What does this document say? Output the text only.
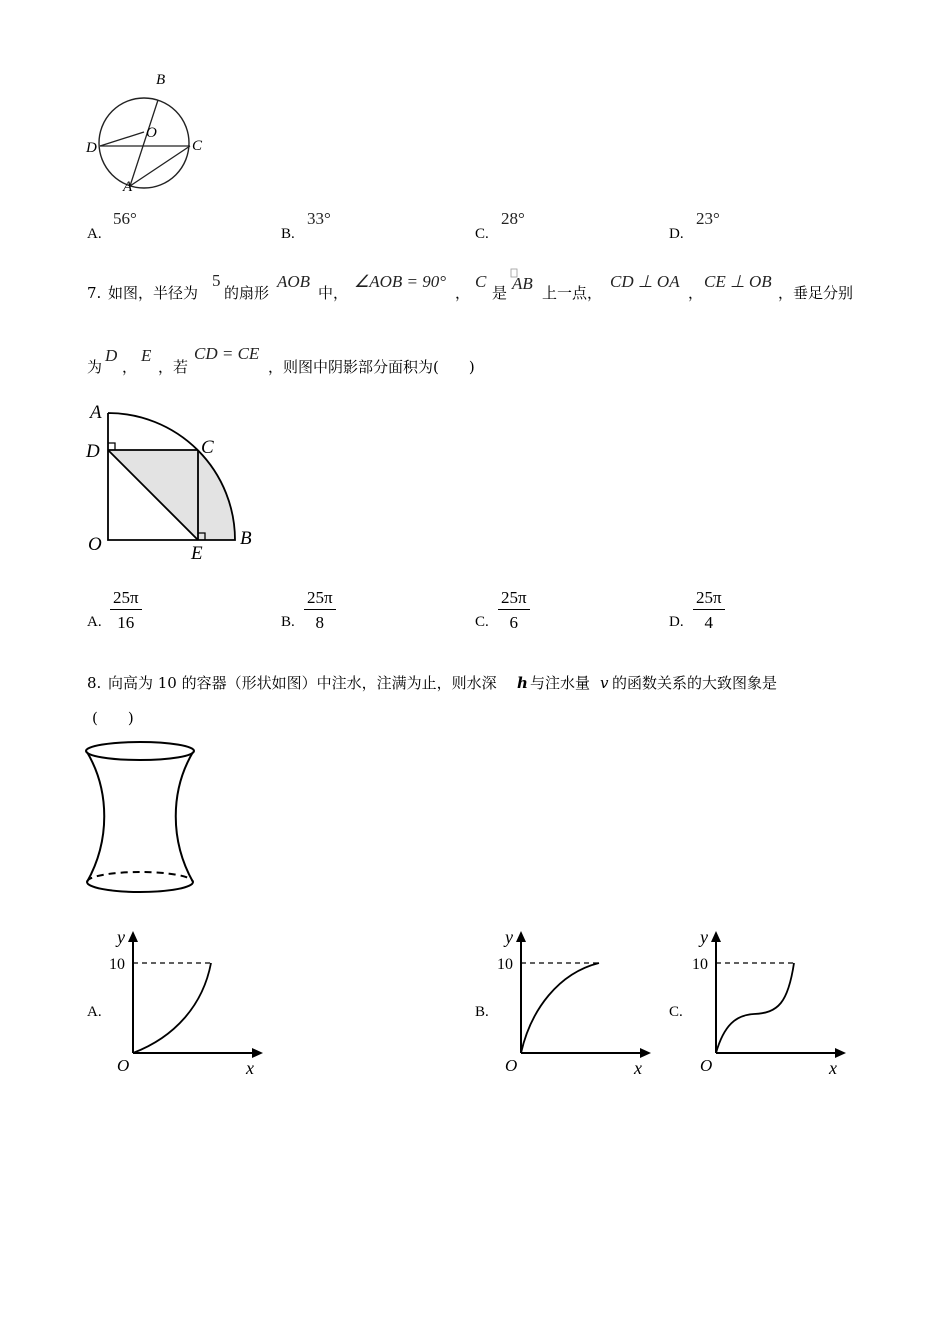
B
O
D	C
A
A.
56°
B.
33°
C.
28°
D.
23°
7. 如图，半径为
5
的扇形
AOB
中，
∠AOB = 90°
，
C
是 AB 上一点，
CD ⊥ OA
，
CE ⊥ OB
，垂足分别
为
D
，
E
，若
CD = CE
，则图中阴影部分面积为(　　)
A
D	C
O	E
B
A. $\frac{25\pi}{16}$	B. $\frac{25\pi}{8}$	C. $\frac{25\pi}{6}$	D. $\frac{25\pi}{4}$
8. 向高为 10 的容器（形状如图）中注水，注满为止，则水深 h 与注水量 v 的函数关系的大致图象是
(　　)
A.
y
10
O	x
B.
y
10
O	x
C.
y
10
O	x
